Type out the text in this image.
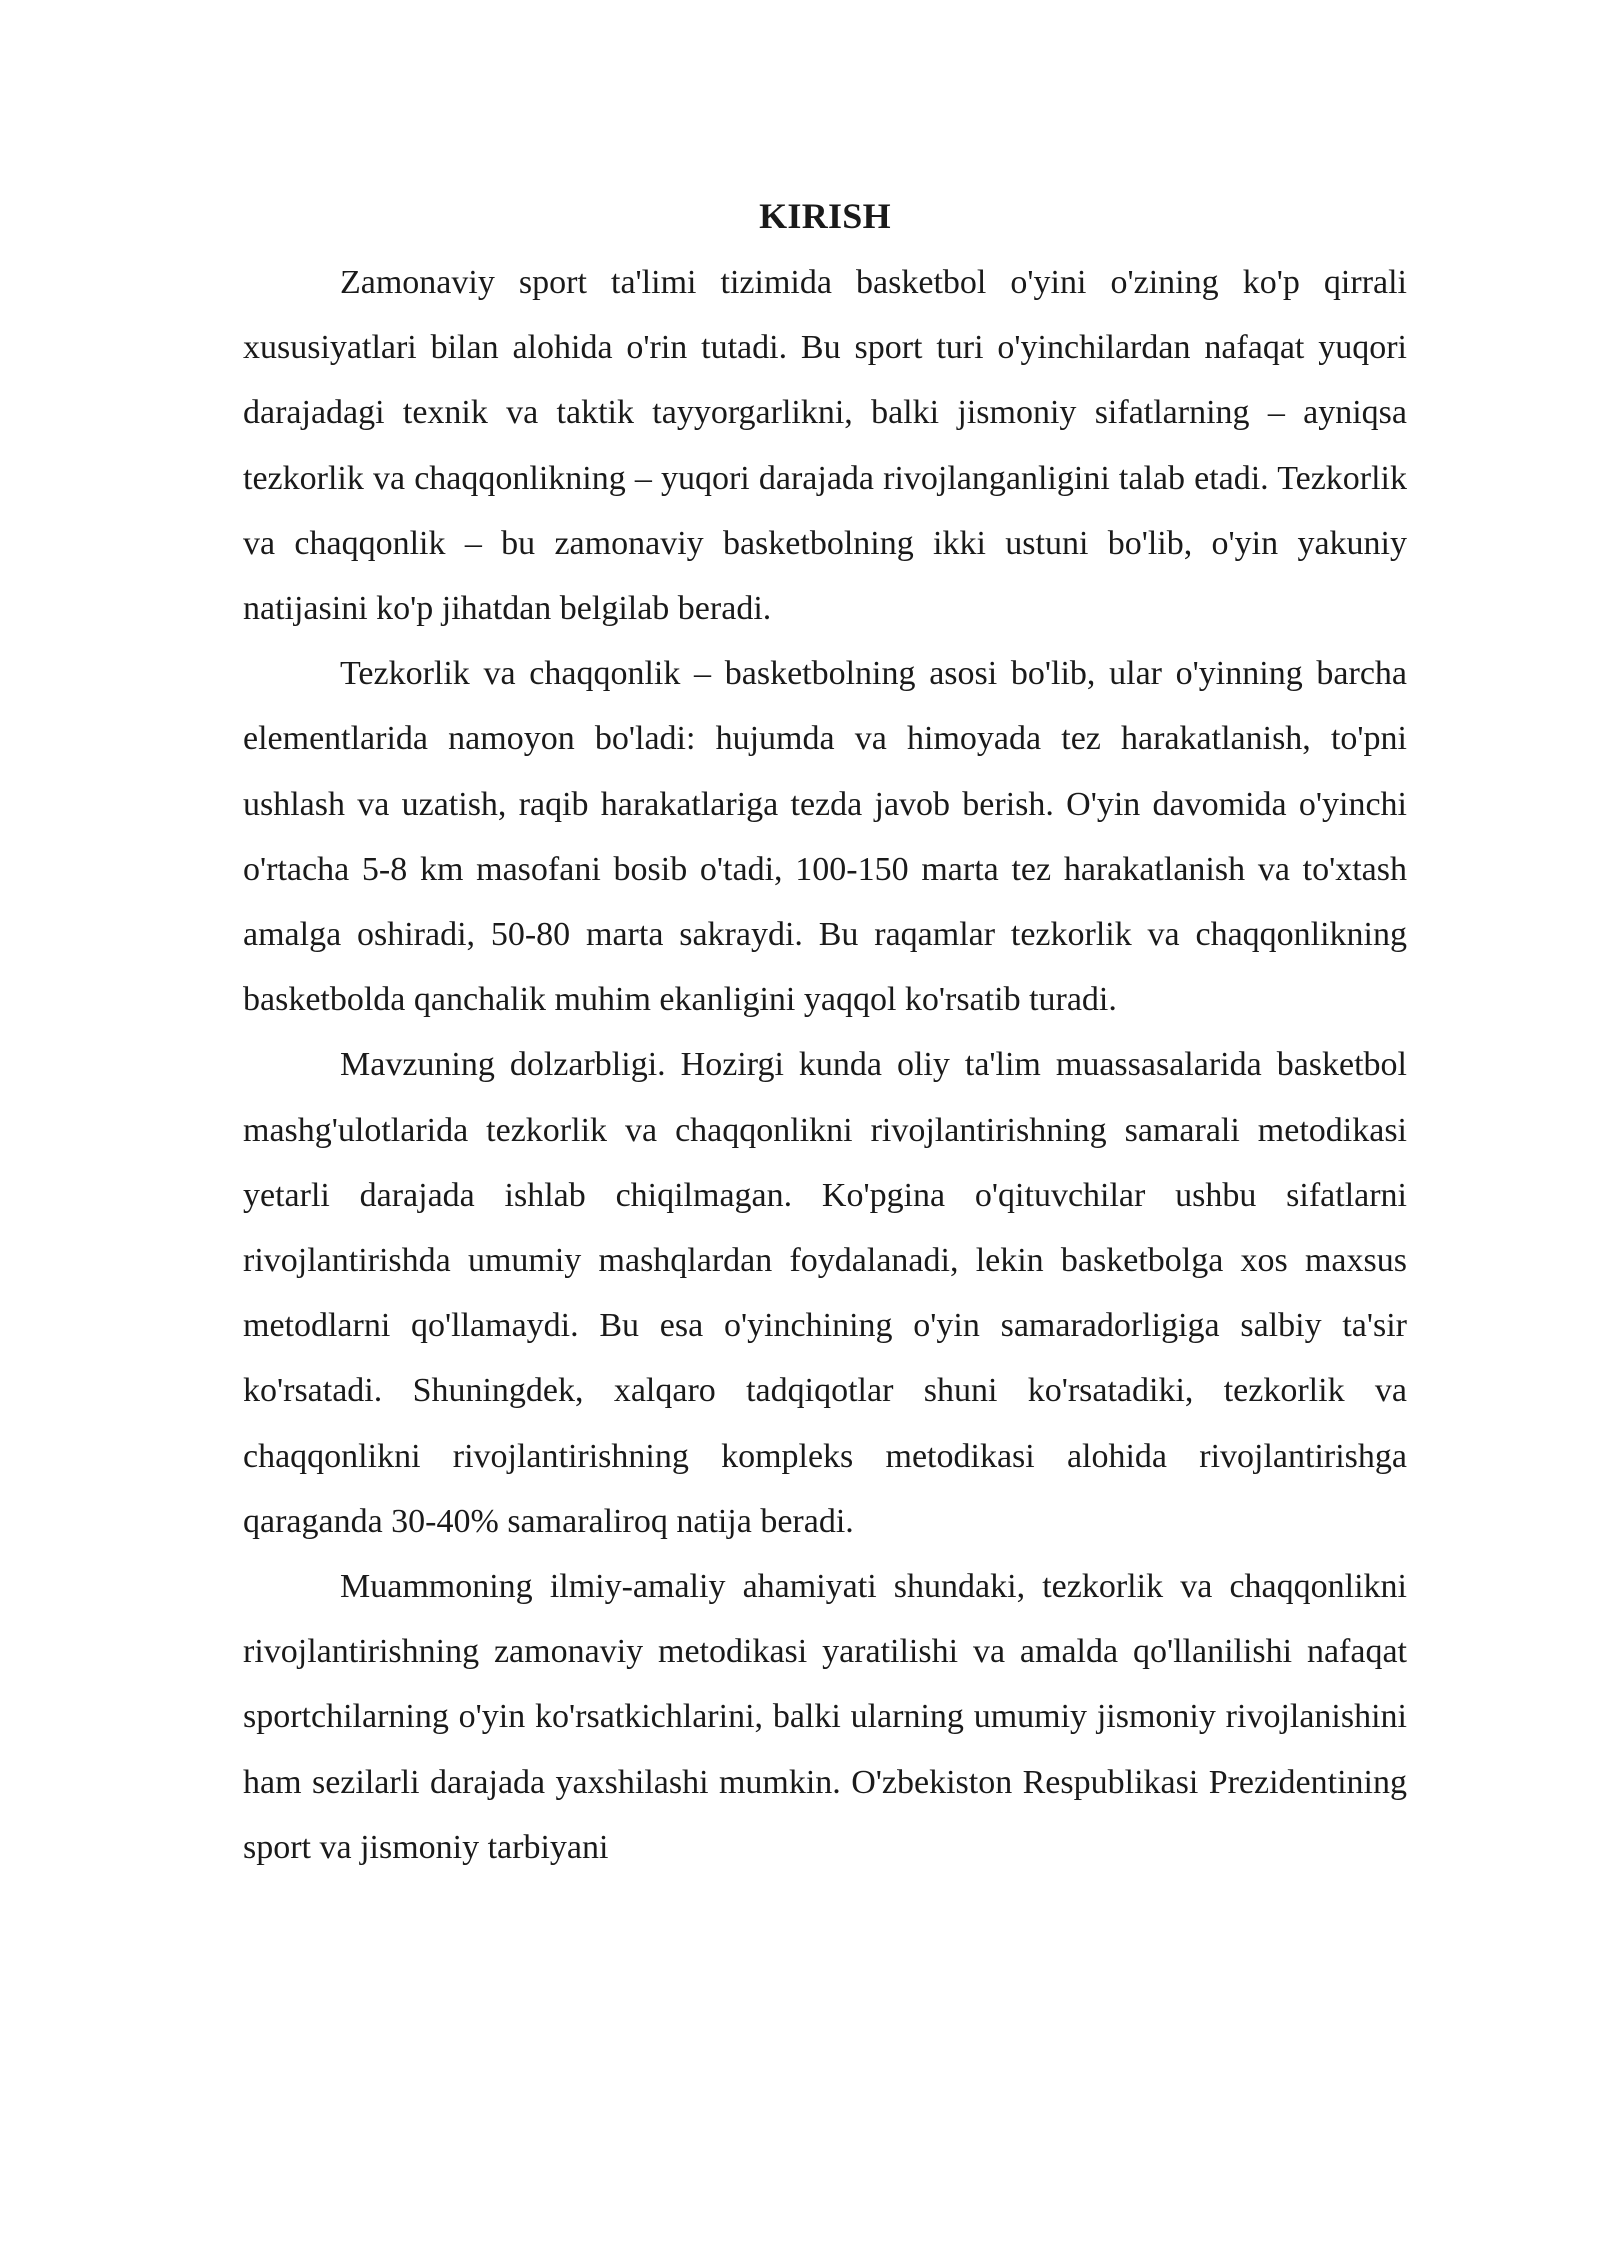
KIRISH

Zamonaviy sport ta'limi tizimida basketbol o'yini o'zining ko'p qirrali xususiyatlari bilan alohida o'rin tutadi. Bu sport turi o'yinchilardan nafaqat yuqori darajadagi texnik va taktik tayyorgarlikni, balki jismoniy sifatlarning – ayniqsa tezkorlik va chaqqonlikning – yuqori darajada rivojlanganligini talab etadi. Tezkorlik va chaqqonlik – bu zamonaviy basketbolning ikki ustuni bo'lib, o'yin yakuniy natijasini ko'p jihatdan belgilab beradi.

Tezkorlik va chaqqonlik – basketbolning asosi bo'lib, ular o'yinning barcha elementlarida namoyon bo'ladi: hujumda va himoyada tez harakatlanish, to'pni ushlash va uzatish, raqib harakatlariga tezda javob berish. O'yin davomida o'yinchi o'rtacha 5-8 km masofani bosib o'tadi, 100-150 marta tez harakatlanish va to'xtash amalga oshiradi, 50-80 marta sakraydi. Bu raqamlar tezkorlik va chaqqonlikning basketbolda qanchalik muhim ekanligini yaqqol ko'rsatib turadi.

Mavzuning dolzarbligi. Hozirgi kunda oliy ta'lim muassasalarida basketbol mashg'ulotlarida tezkorlik va chaqqonlikni rivojlantirishning samarali metodikasi yetarli darajada ishlab chiqilmagan. Ko'pgina o'qituvchilar ushbu sifatlarni rivojlantirishda umumiy mashqlardan foydalanadi, lekin basketbolga xos maxsus metodlarni qo'llamaydi. Bu esa o'yinchining o'yin samaradorligiga salbiy ta'sir ko'rsatadi. Shuningdek, xalqaro tadqiqotlar shuni ko'rsatadiki, tezkorlik va chaqqonlikni rivojlantirishning kompleks metodikasi alohida rivojlantirishga qaraganda 30-40% samaraliroq natija beradi.

Muammoning ilmiy-amaliy ahamiyati shundaki, tezkorlik va chaqqonlikni rivojlantirishning zamonaviy metodikasi yaratilishi va amalda qo'llanilishi nafaqat sportchilarning o'yin ko'rsatkichlarini, balki ularning umumiy jismoniy rivojlanishini ham sezilarli darajada yaxshilashi mumkin. O'zbekiston Respublikasi Prezidentining sport va jismoniy tarbiyani
